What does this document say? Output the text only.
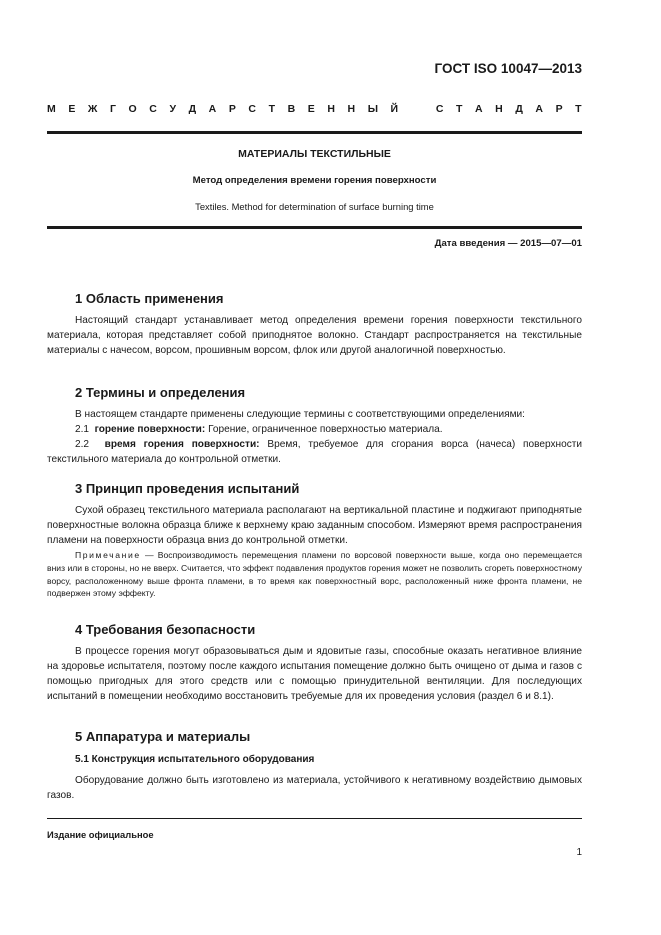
ГОСТ ISO 10047—2013
М Е Ж Г О С У Д А Р С Т В Е Н Н Ы Й	С Т А Н Д А Р Т
МАТЕРИАЛЫ ТЕКСТИЛЬНЫЕ
Метод определения времени горения поверхности
Textiles. Method for determination of surface burning time
Дата введения — 2015—07—01
1 Область применения

Настоящий стандарт устанавливает метод определения времени горения поверхности текстильного материала, которая представляет собой приподнятое волокно. Стандарт распространяется на текстильные материалы с начесом, ворсом, прошивным ворсом, флок или другой аналогичной поверхностью.

2 Термины и определения

В настоящем стандарте применены следующие термины с соответствующими определениями:

2.1 горение поверхности: Горение, ограниченное поверхностью материала.

2.2 время горения поверхности: Время, требуемое для сгорания ворса (начеса) поверхности текстильного материала до контрольной отметки.

3 Принцип проведения испытаний

Сухой образец текстильного материала располагают на вертикальной пластине и поджигают приподнятые поверхностные волокна образца ближе к верхнему краю заданным способом. Измеряют время распространения пламени на поверхности образца вниз до контрольной отметки.

Примечание — Воспроизводимость перемещения пламени по ворсовой поверхности выше, когда оно перемещается вниз или в стороны, но не вверх. Считается, что эффект подавления продуктов горения может не позволить сгореть поверхностному ворсу, расположенному выше фронта пламени, в то время как поверхностный ворс, расположенный ниже фронта пламени, не подвержен этому эффекту.

4 Требования безопасности

В процессе горения могут образовываться дым и ядовитые газы, способные оказать негативное влияние на здоровье испытателя, поэтому после каждого испытания помещение должно быть очищено от дыма и газов с помощью пригодных для этого средств или с помощью принудительной вентиляции. Для последующих испытаний в помещении необходимо восстановить требуемые для их проведения условия (раздел 6 и 8.1).

5 Аппаратура и материалы
5.1 Конструкция испытательного оборудования

Оборудование должно быть изготовлено из материала, устойчивого к негативному воздействию дымовых газов.

Издание официальное
1
